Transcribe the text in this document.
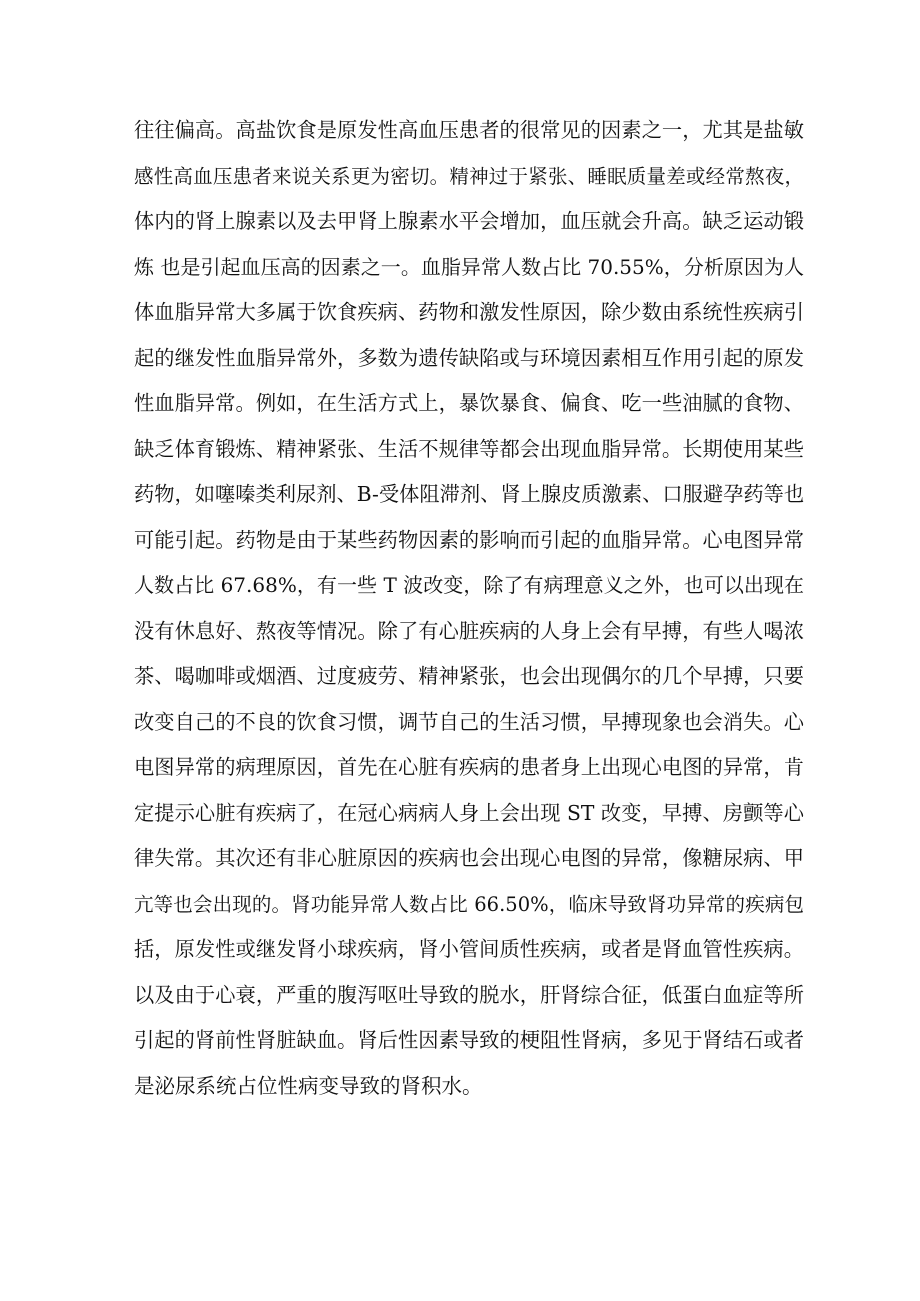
往往偏高。高盐饮食是原发性高血压患者的很常见的因素之一，尤其是盐敏
感性高血压患者来说关系更为密切。精神过于紧张、睡眠质量差或经常熬夜，
体内的肾上腺素以及去甲肾上腺素水平会增加，血压就会升高。缺乏运动锻
炼 也是引起血压高的因素之一。血脂异常人数占比 70.55%，分析原因为人
体血脂异常大多属于饮食疾病、药物和激发性原因，除少数由系统性疾病引
起的继发性血脂异常外，多数为遗传缺陷或与环境因素相互作用引起的原发
性血脂异常。例如，在生活方式上，暴饮暴食、偏食、吃一些油腻的食物、
缺乏体育锻炼、精神紧张、生活不规律等都会出现血脂异常。长期使用某些
药物，如噻嗪类利尿剂、B-受体阻滞剂、肾上腺皮质激素、口服避孕药等也
可能引起。药物是由于某些药物因素的影响而引起的血脂异常。心电图异常
人数占比 67.68%，有一些 T 波改变，除了有病理意义之外，也可以出现在
没有休息好、熬夜等情况。除了有心脏疾病的人身上会有早搏，有些人喝浓
茶、喝咖啡或烟酒、过度疲劳、精神紧张，也会出现偶尔的几个早搏，只要
改变自己的不良的饮食习惯，调节自己的生活习惯，早搏现象也会消失。心
电图异常的病理原因，首先在心脏有疾病的患者身上出现心电图的异常，肯
定提示心脏有疾病了，在冠心病病人身上会出现 ST 改变，早搏、房颤等心
律失常。其次还有非心脏原因的疾病也会出现心电图的异常，像糖尿病、甲
亢等也会出现的。肾功能异常人数占比 66.50%，临床导致肾功异常的疾病包
括，原发性或继发肾小球疾病，肾小管间质性疾病，或者是肾血管性疾病。
以及由于心衰，严重的腹泻呕吐导致的脱水，肝肾综合征，低蛋白血症等所
引起的肾前性肾脏缺血。肾后性因素导致的梗阻性肾病，多见于肾结石或者
是泌尿系统占位性病变导致的肾积水。
